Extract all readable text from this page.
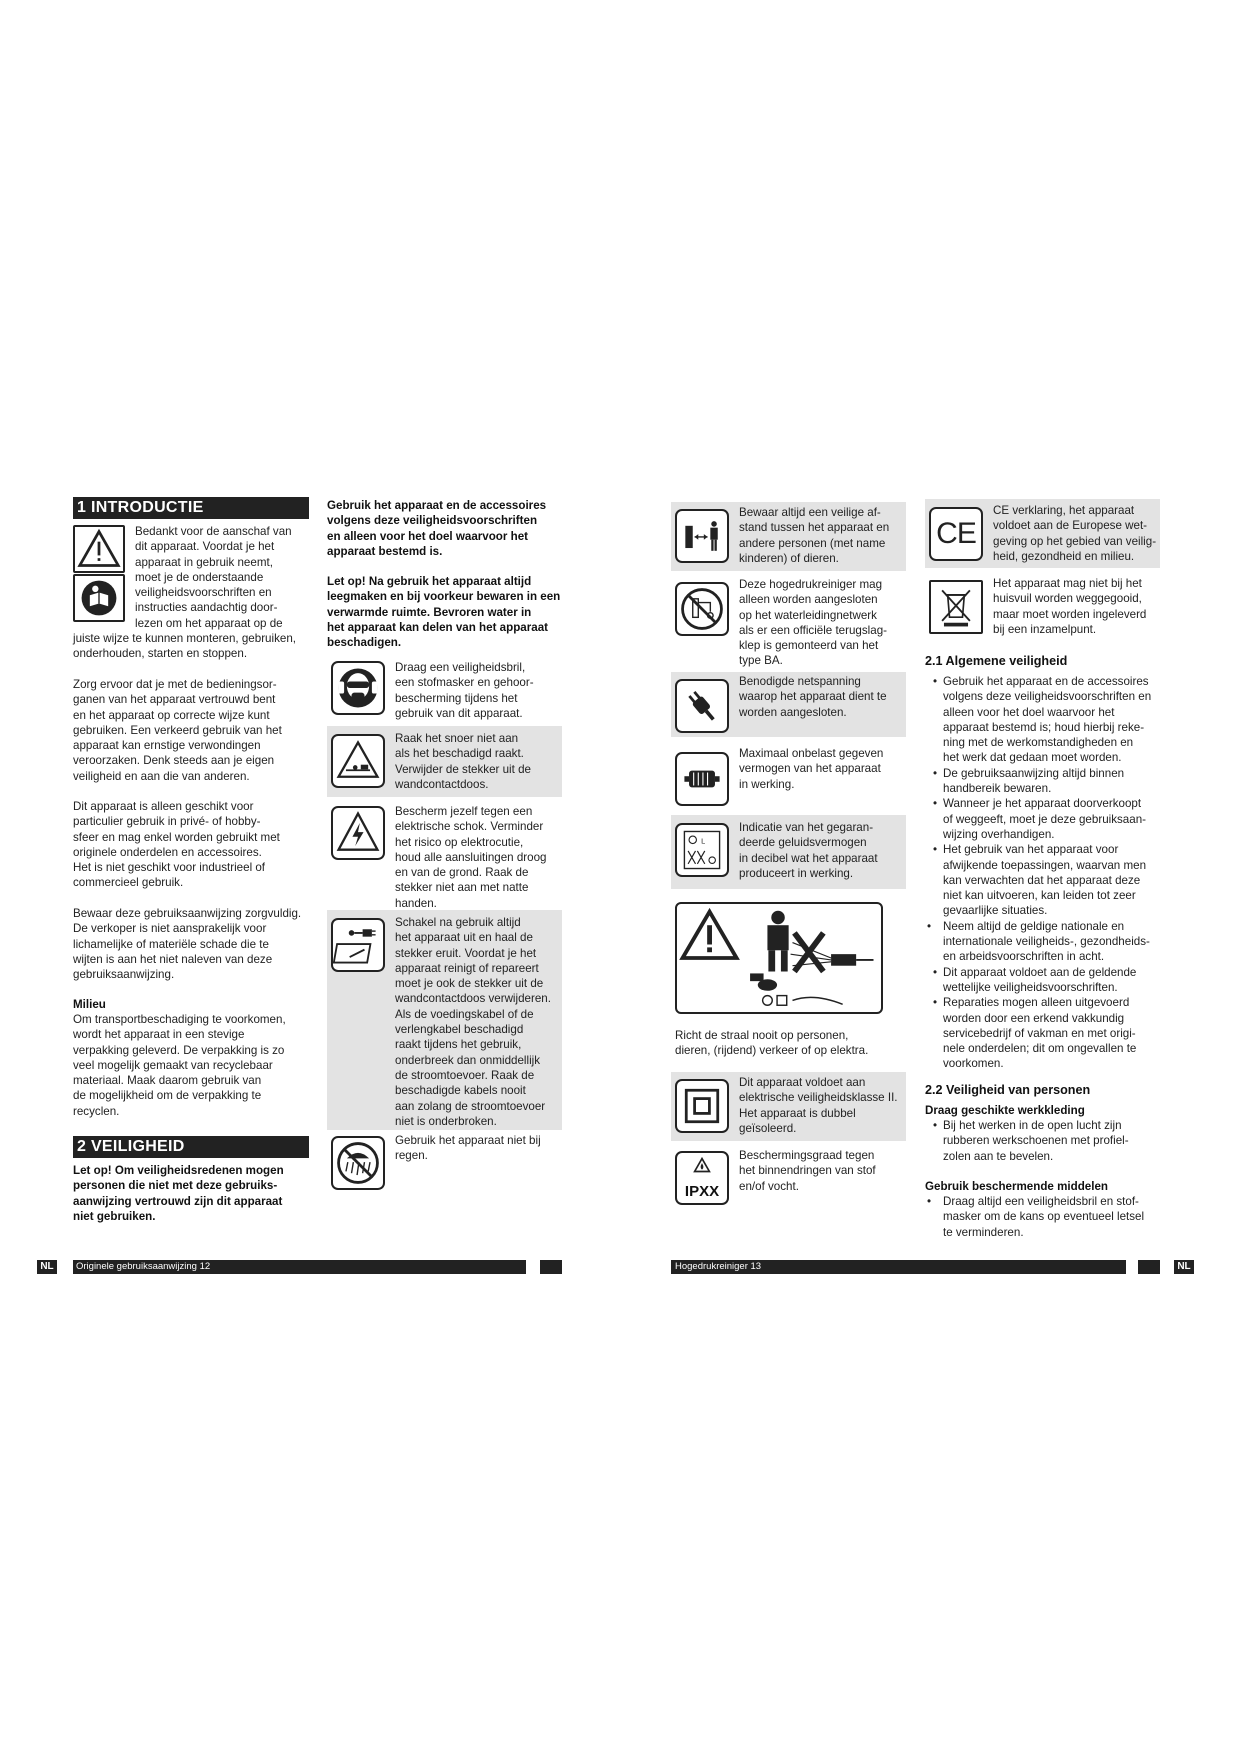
1 INTRODUCTIE
Bedankt voor de aanschaf van
dit apparaat. Voordat je het
apparaat in gebruik neemt,
moet je de onderstaande
veiligheidsvoorschriften en
instructies aandachtig door-
lezen om het apparaat op de
juiste wijze te kunnen monteren, gebruiken,
onderhouden, starten en stoppen.
Zorg ervoor dat je met de bedieningsor-
ganen van het apparaat vertrouwd bent
en het apparaat op correcte wijze kunt
gebruiken. Een verkeerd gebruik van het
apparaat kan ernstige verwondingen
veroorzaken. Denk steeds aan je eigen
veiligheid en aan die van anderen.
Dit apparaat is alleen geschikt voor
particulier gebruik in privé- of hobby-
sfeer en mag enkel worden gebruikt met
originele onderdelen en accessoires.
Het is niet geschikt voor industrieel of
commercieel gebruik.
Bewaar deze gebruiksaanwijzing zorgvuldig.
De verkoper is niet aansprakelijk voor
lichamelijke of materiële schade die te
wijten is aan het niet naleven van deze
gebruiksaanwijzing.
Milieu
Om transportbeschadiging te voorkomen,
wordt het apparaat in een stevige
verpakking geleverd. De verpakking is zo
veel mogelijk gemaakt van recyclebaar
materiaal. Maak daarom gebruik van
de mogelijkheid om de verpakking te
recyclen.
2 VEILIGHEID
Let op! Om veiligheidsredenen mogen
personen die niet met deze gebruiks-
aanwijzing vertrouwd zijn dit apparaat
niet gebruiken.
Gebruik het apparaat en de accessoires
volgens deze veiligheidsvoorschriften
en alleen voor het doel waarvoor het
apparaat bestemd is.
Let op! Na gebruik het apparaat altijd
leegmaken en bij voorkeur bewaren in een
verwarmde ruimte. Bevroren water in
het apparaat kan delen van het apparaat
beschadigen.
Draag een veiligheidsbril,
een stofmasker en gehoor-
bescherming tijdens het
gebruik van dit apparaat.
Raak het snoer niet aan
als het beschadigd raakt.
Verwijder de stekker uit de
wandcontactdoos.
Bescherm jezelf tegen een
elektrische schok. Verminder
het risico op elektrocutie,
houd alle aansluitingen droog
en van de grond. Raak de
stekker niet aan met natte
handen.
Schakel na gebruik altijd
het apparaat uit en haal de
stekker eruit. Voordat je het
apparaat reinigt of repareert
moet je ook de stekker uit de
wandcontactdoos verwijderen.
Als de voedingskabel of de
verlengkabel beschadigd
raakt tijdens het gebruik,
onderbreek dan onmiddellijk
de stroomtoevoer. Raak de
beschadigde kabels nooit
aan zolang de stroomtoevoer
niet is onderbroken.
Gebruik het apparaat niet bij
regen.
NL	Originele gebruiksaanwijzing 12
Bewaar altijd een veilige af-
stand tussen het apparaat en
andere personen (met name
kinderen) of dieren.
Deze hogedrukreiniger mag
alleen worden aangesloten
op het waterleidingnetwerk
als er een officiële terugslag-
klep is gemonteerd van het
type BA.
Benodigde netspanning
waarop het apparaat dient te
worden aangesloten.
Maximaal onbelast gegeven
vermogen van het apparaat
in werking.
L
Indicatie van het gegaran-
deerde geluidsvermogen
in decibel wat het apparaat
produceert in werking.
Richt de straal nooit op personen,
dieren, (rijdend) verkeer of op elektra.
Dit apparaat voldoet aan
elektrische veiligheidsklasse II.
Het apparaat is dubbel
geïsoleerd.
IPXX
Beschermingsgraad tegen
het binnendringen van stof
en/of vocht.
CE
CE verklaring, het apparaat
voldoet aan de Europese wet-
geving op het gebied van veilig-
heid, gezondheid en milieu.
Het apparaat mag niet bij het
huisvuil worden weggegooid,
maar moet worden ingeleverd
bij een inzamelpunt.
2.1 Algemene veiligheid
• Gebruik het apparaat en de accessoires
volgens deze veiligheidsvoorschriften en
alleen voor het doel waarvoor het
apparaat bestemd is; houd hierbij reke-
ning met de werkomstandigheden en
het werk dat gedaan moet worden.
• De gebruiksaanwijzing altijd binnen
handbereik bewaren.
• Wanneer je het apparaat doorverkoopt
of weggeeft, moet je deze gebruiksaan-
wijzing overhandigen.
• Het gebruik van het apparaat voor
afwijkende toepassingen, waarvan men
kan verwachten dat het apparaat deze
niet kan uitvoeren, kan leiden tot zeer
gevaarlijke situaties.
• Neem altijd de geldige nationale en
internationale veiligheids-, gezondheids-
en arbeidsvoorschriften in acht.
• Dit apparaat voldoet aan de geldende
wettelijke veiligheidsvoorschriften.
• Reparaties mogen alleen uitgevoerd
worden door een erkend vakkundig
servicebedrijf of vakman en met origi-
nele onderdelen; dit om ongevallen te
voorkomen.
2.2 Veiligheid van personen
Draag geschikte werkkleding
• Bij het werken in de open lucht zijn
rubberen werkschoenen met profiel-
zolen aan te bevelen.
Gebruik beschermende middelen
• Draag altijd een veiligheidsbril en stof-
masker om de kans op eventueel letsel
te verminderen.
Hogedrukreiniger 13	NL
